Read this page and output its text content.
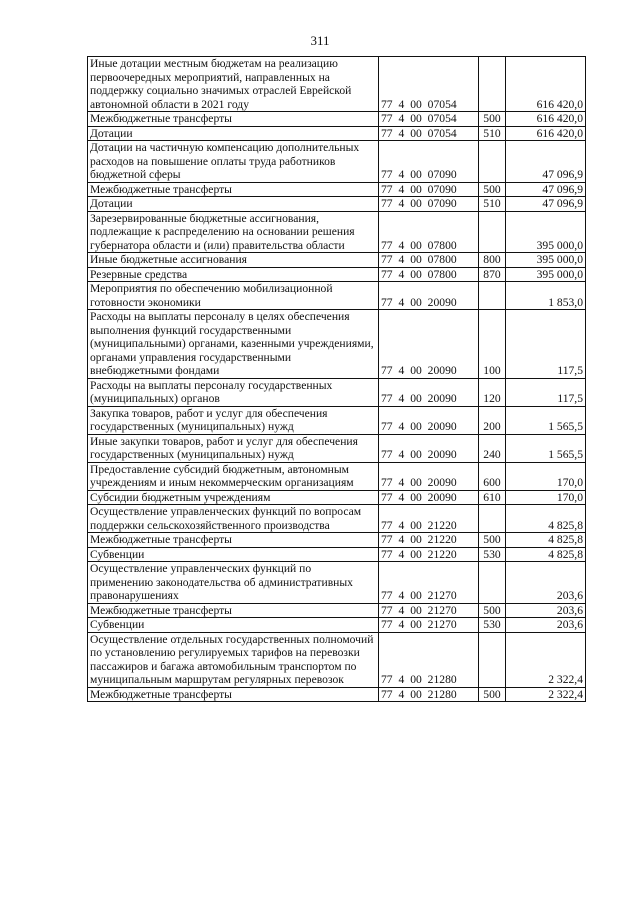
311
Иные дотации местным бюджетам на реализацию первоочередных мероприятий, направленных на поддержку социально значимых отраслей Еврейской автономной области в 2021 году	77 4 00 07054		616 420,0
Межбюджетные трансферты	77 4 00 07054	500	616 420,0
Дотации	77 4 00 07054	510	616 420,0
Дотации на частичную компенсацию дополнительных расходов на повышение оплаты труда работников бюджетной сферы	77 4 00 07090		47 096,9
Межбюджетные трансферты	77 4 00 07090	500	47 096,9
Дотации	77 4 00 07090	510	47 096,9
Зарезервированные бюджетные ассигнования, подлежащие к распределению на основании решения губернатора области и (или) правительства области	77 4 00 07800		395 000,0
Иные бюджетные ассигнования	77 4 00 07800	800	395 000,0
Резервные средства	77 4 00 07800	870	395 000,0
Мероприятия по обеспечению мобилизационной готовности экономики	77 4 00 20090		1 853,0
Расходы на выплаты персоналу в целях обеспечения выполнения функций государственными (муниципальными) органами, казенными учреждениями, органами управления государственными внебюджетными фондами	77 4 00 20090	100	117,5
Расходы на выплаты персоналу государственных (муниципальных) органов	77 4 00 20090	120	117,5
Закупка товаров, работ и услуг для обеспечения государственных (муниципальных) нужд	77 4 00 20090	200	1 565,5
Иные закупки товаров, работ и услуг для обеспечения государственных (муниципальных) нужд	77 4 00 20090	240	1 565,5
Предоставление субсидий бюджетным, автономным учреждениям и иным некоммерческим организациям	77 4 00 20090	600	170,0
Субсидии бюджетным учреждениям	77 4 00 20090	610	170,0
Осуществление управленческих функций по вопросам поддержки сельскохозяйственного производства	77 4 00 21220		4 825,8
Межбюджетные трансферты	77 4 00 21220	500	4 825,8
Субвенции	77 4 00 21220	530	4 825,8
Осуществление управленческих функций по применению законодательства об административных правонарушениях	77 4 00 21270		203,6
Межбюджетные трансферты	77 4 00 21270	500	203,6
Субвенции	77 4 00 21270	530	203,6
Осуществление отдельных государственных полномочий по установлению регулируемых тарифов на перевозки пассажиров и багажа автомобильным транспортом по муниципальным маршрутам регулярных перевозок	77 4 00 21280		2 322,4
Межбюджетные трансферты	77 4 00 21280	500	2 322,4
